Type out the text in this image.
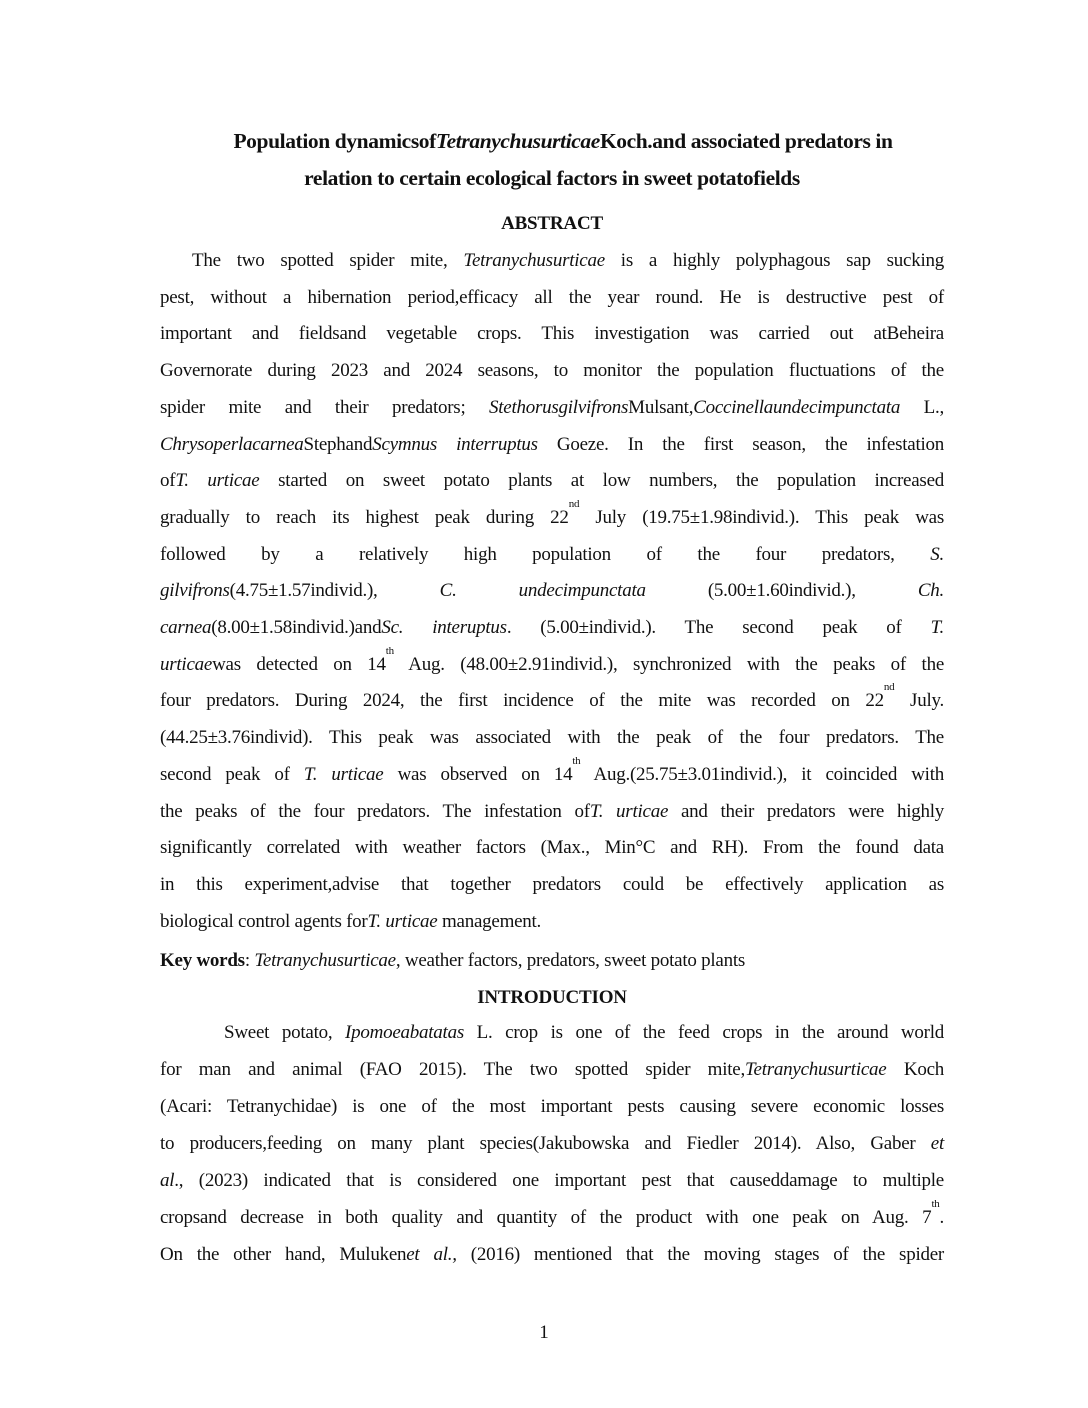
Population dynamicsofTetranychusurticaeKoch.and associated predators in
relation to certain ecological factors in sweet potatofields
ABSTRACT
The two spotted spider mite, Tetranychusurticae is a highly polyphagous sap sucking
pest, without a hibernation period,efficacy all the year round. He is destructive pest of
important and fieldsand vegetable crops. This investigation was carried out atBeheira
Governorate during 2023 and 2024 seasons, to monitor the population fluctuations of the
spider mite and their predators; StethorusgilvifronsMulsant,Coccinellaundecimpunctata L.,
ChrysoperlacarneaStephandScymnus interruptus Goeze. In the first season, the infestation
ofT. urticae started on sweet potato plants at low numbers, the population increased
gradually to reach its highest peak during 22nd July (19.75±1.98individ.). This peak was
followed by a relatively high population of the four predators, S.
gilvifrons(4.75±1.57individ.), C. undecimpunctata (5.00±1.60individ.), Ch.
carnea(8.00±1.58individ.)andSc. interuptus. (5.00±individ.). The second peak of T.
urticaewas detected on 14th Aug. (48.00±2.91individ.), synchronized with the peaks of the
four predators. During 2024, the first incidence of the mite was recorded on 22nd July.
(44.25±3.76individ). This peak was associated with the peak of the four predators. The
second peak of T. urticae was observed on 14th Aug.(25.75±3.01individ.), it coincided with
the peaks of the four predators. The infestation ofT. urticae and their predators were highly
significantly correlated with weather factors (Max., Min°C and RH). From the found data
in this experiment,advise that together predators could be effectively application as
biological control agents forT. urticae management.
Key words: Tetranychusurticae, weather factors, predators, sweet potato plants
INTRODUCTION
Sweet potato, Ipomoeabatatas L. crop is one of the feed crops in the around world
for man and animal (FAO 2015). The two spotted spider mite,Tetranychusurticae Koch
(Acari: Tetranychidae) is one of the most important pests causing severe economic losses
to producers,feeding on many plant species(Jakubowska and Fiedler 2014). Also, Gaber et
al., (2023) indicated that is considered one important pest that causeddamage to multiple
cropsand decrease in both quality and quantity of the product with one peak on Aug. 7th.
On the other hand, Mulukenet al., (2016) mentioned that the moving stages of the spider
1
